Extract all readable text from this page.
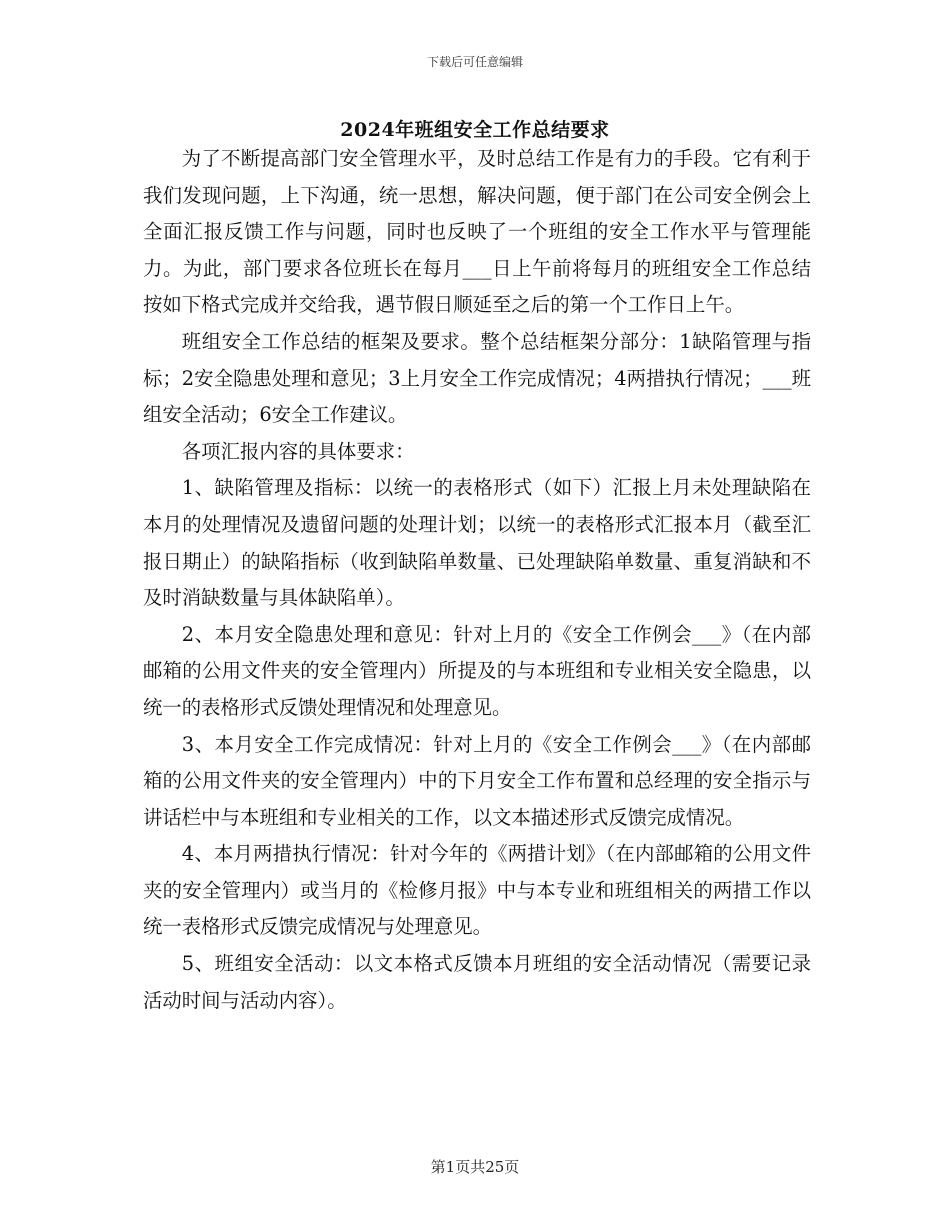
下载后可任意编辑
2024年班组安全工作总结要求

为了不断提高部门安全管理水平，及时总结工作是有力的手段。它有利于我们发现问题，上下沟通，统一思想，解决问题，便于部门在公司安全例会上全面汇报反馈工作与问题，同时也反映了一个班组的安全工作水平与管理能力。为此，部门要求各位班长在每月___日上午前将每月的班组安全工作总结按如下格式完成并交给我，遇节假日顺延至之后的第一个工作日上午。

班组安全工作总结的框架及要求。整个总结框架分部分：1缺陷管理与指标；2安全隐患处理和意见；3上月安全工作完成情况；4两措执行情况；___班组安全活动；6安全工作建议。

各项汇报内容的具体要求：

1、缺陷管理及指标：以统一的表格形式（如下）汇报上月未处理缺陷在本月的处理情况及遗留问题的处理计划；以统一的表格形式汇报本月（截至汇报日期止）的缺陷指标（收到缺陷单数量、已处理缺陷单数量、重复消缺和不及时消缺数量与具体缺陷单）。

2、本月安全隐患处理和意见：针对上月的《安全工作例会___》（在内部邮箱的公用文件夹的安全管理内）所提及的与本班组和专业相关安全隐患，以统一的表格形式反馈处理情况和处理意见。

3、本月安全工作完成情况：针对上月的《安全工作例会___》（在内部邮箱的公用文件夹的安全管理内）中的下月安全工作布置和总经理的安全指示与讲话栏中与本班组和专业相关的工作，以文本描述形式反馈完成情况。

4、本月两措执行情况：针对今年的《两措计划》（在内部邮箱的公用文件夹的安全管理内）或当月的《检修月报》中与本专业和班组相关的两措工作以统一表格形式反馈完成情况与处理意见。

5、班组安全活动：以文本格式反馈本月班组的安全活动情况（需要记录活动时间与活动内容）。

第1页共25页
